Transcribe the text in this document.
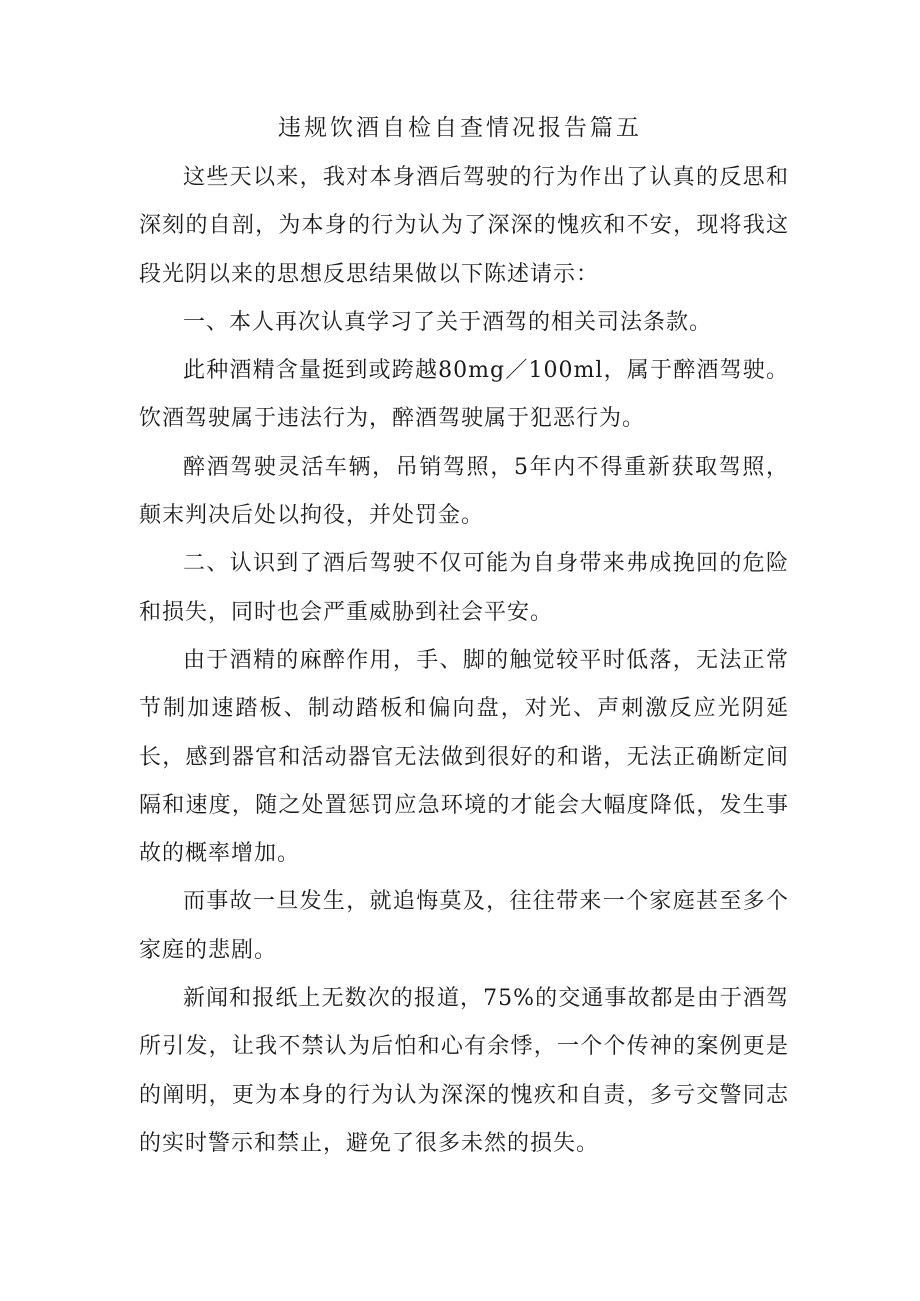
违规饮酒自检自查情况报告篇五

这些天以来，我对本身酒后驾驶的行为作出了认真的反思和深刻的自剖，为本身的行为认为了深深的愧疚和不安，现将我这段光阴以来的思想反思结果做以下陈述请示：

一、本人再次认真学习了关于酒驾的相关司法条款。

此种酒精含量挺到或跨越80mg／100ml，属于醉酒驾驶。饮酒驾驶属于违法行为，醉酒驾驶属于犯恶行为。

醉酒驾驶灵活车辆，吊销驾照，5年内不得重新获取驾照，颠末判决后处以拘役，并处罚金。

二、认识到了酒后驾驶不仅可能为自身带来弗成挽回的危险和损失，同时也会严重威胁到社会平安。

由于酒精的麻醉作用，手、脚的触觉较平时低落，无法正常节制加速踏板、制动踏板和偏向盘，对光、声刺激反应光阴延长，感到器官和活动器官无法做到很好的和谐，无法正确断定间隔和速度，随之处置惩罚应急环境的才能会大幅度降低，发生事故的概率增加。

而事故一旦发生，就追悔莫及，往往带来一个家庭甚至多个家庭的悲剧。

新闻和报纸上无数次的报道，75%的交通事故都是由于酒驾所引发，让我不禁认为后怕和心有余悸，一个个传神的案例更是的阐明，更为本身的行为认为深深的愧疚和自责，多亏交警同志的实时警示和禁止，避免了很多未然的损失。
